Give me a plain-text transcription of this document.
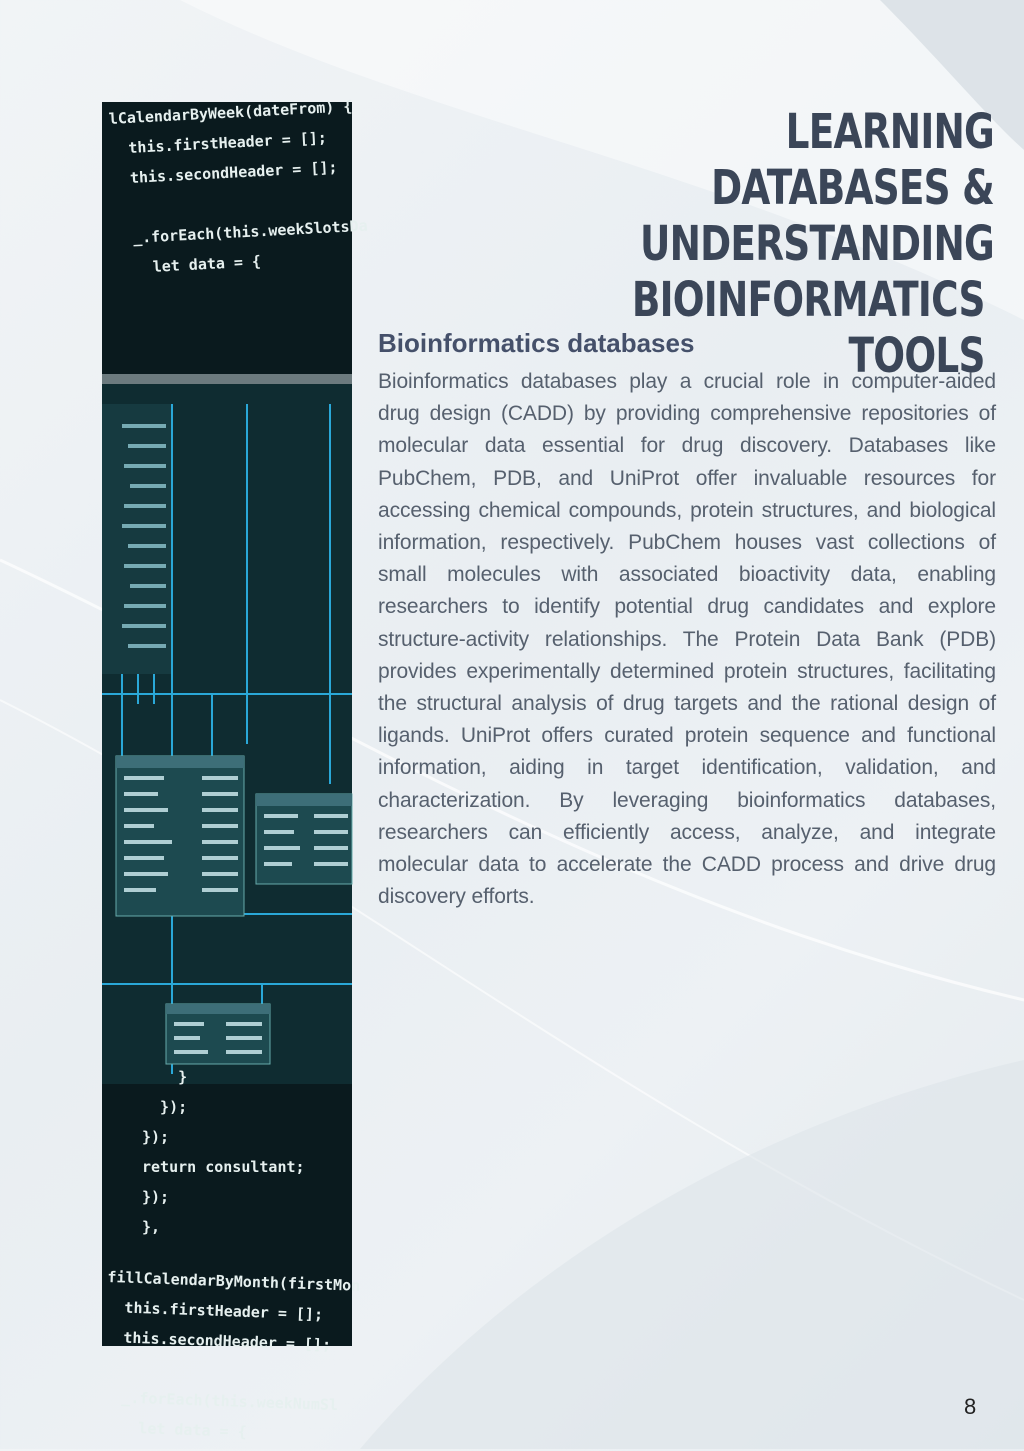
lCalendarByWeek(dateFrom) {
this.firstHeader = [];
this.secondHeader = [];

_.forEach(this.weekSlotsDa
let data = {
}
});
});
return consultant;
});
},
fillCalendarByMonth(firstMon
this.firstHeader = [];
this.secondHeader = [];

_.forEach(this.weekNumSl
let data = {
LEARNING DATABASES &
UNDERSTANDING
BIOINFORMATICS TOOLS
Bioinformatics databases

Bioinformatics databases play a crucial role in computer-aided drug design (CADD) by providing comprehensive repositories of molecular data essential for drug discovery. Databases like PubChem, PDB, and UniProt offer invaluable resources for accessing chemical compounds, protein structures, and biological information, respectively. PubChem houses vast collections of small molecules with associated bioactivity data, enabling researchers to identify potential drug candidates and explore structure-activity relationships. The Protein Data Bank (PDB) provides experimentally determined protein structures, facilitating the structural analysis of drug targets and the rational design of ligands. UniProt offers curated protein sequence and functional information, aiding in target identification, validation, and characterization. By leveraging bioinformatics databases, researchers can efficiently access, analyze, and integrate molecular data to accelerate the CADD process and drive drug discovery efforts.

8
